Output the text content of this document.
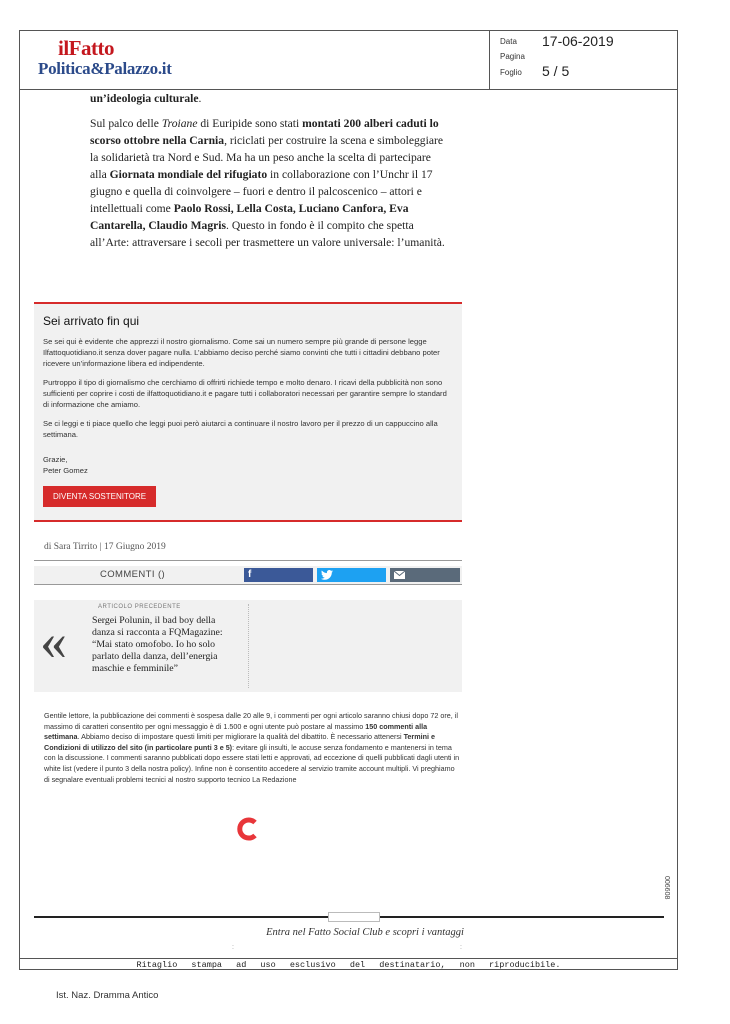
ilFatto
Politica&Palazzo.it
Data 17-06-2019
Pagina
Foglio 5 / 5

un’ideologia culturale.

Sul palco delle Troiane di Euripide sono stati montati 200 alberi caduti lo scorso ottobre nella Carnia, riciclati per costruire la scena e simboleggiare la solidarietà tra Nord e Sud. Ma ha un peso anche la scelta di partecipare alla Giornata mondiale del rifugiato in collaborazione con l’Unchr il 17 giugno e quella di coinvolgere – fuori e dentro il palcoscenico – attori e intellettuali come Paolo Rossi, Lella Costa, Luciano Canfora, Eva Cantarella, Claudio Magris. Questo in fondo è il compito che spetta all’Arte: attraversare i secoli per trasmettere un valore universale: l’umanità.

Sei arrivato fin qui

Se sei qui è evidente che apprezzi il nostro giornalismo. Come sai un numero sempre più grande di persone legge Ilfattoquotidiano.it senza dover pagare nulla. L’abbiamo deciso perché siamo convinti che tutti i cittadini debbano poter ricevere un’informazione libera ed indipendente.

Purtroppo il tipo di giornalismo che cerchiamo di offrirti richiede tempo e molto denaro. I ricavi della pubblicità non sono sufficienti per coprire i costi de ilfattoquotidiano.it e pagare tutti i collaboratori necessari per garantire sempre lo standard di informazione che amiamo.

Se ci leggi e ti piace quello che leggi puoi però aiutarci a continuare il nostro lavoro per il prezzo di un cappuccino alla settimana.

Grazie,
Peter Gomez

DIVENTA SOSTENITORE
di Sara Tirrito | 17 Giugno 2019
COMMENTI ()	f
ARTICOLO PRECEDENTE
«	Sergei Polunin, il bad boy della danza si racconta a FQMagazine: “Mai stato omofobo. Io ho solo parlato della danza, dell’energia maschie e femminile”
Gentile lettore, la pubblicazione dei commenti è sospesa dalle 20 alle 9, i commenti per ogni articolo saranno chiusi dopo 72 ore, il massimo di caratteri consentito per ogni messaggio è di 1.500 e ogni utente può postare al massimo 150 commenti alla settimana. Abbiamo deciso di impostare questi limiti per migliorare la qualità del dibattito. È necessario attenersi Termini e Condizioni di utilizzo del sito (in particolare punti 3 e 5): evitare gli insulti, le accuse senza fondamento e mantenersi in tema con la discussione. I commenti saranno pubblicati dopo essere stati letti e approvati, ad eccezione di quelli pubblicati dagli utenti in white list (vedere il punto 3 della nostra policy). Infine non è consentito accedere al servizio tramite account multipli. Vi preghiamo di segnalare eventuali problemi tecnici al nostro supporto tecnico La Redazione
006608
Entra nel Fatto Social Club e scopri i vantaggi
:	:
Ritaglio stampa ad uso esclusivo del destinatario, non riproducibile.
Ist. Naz. Dramma Antico
